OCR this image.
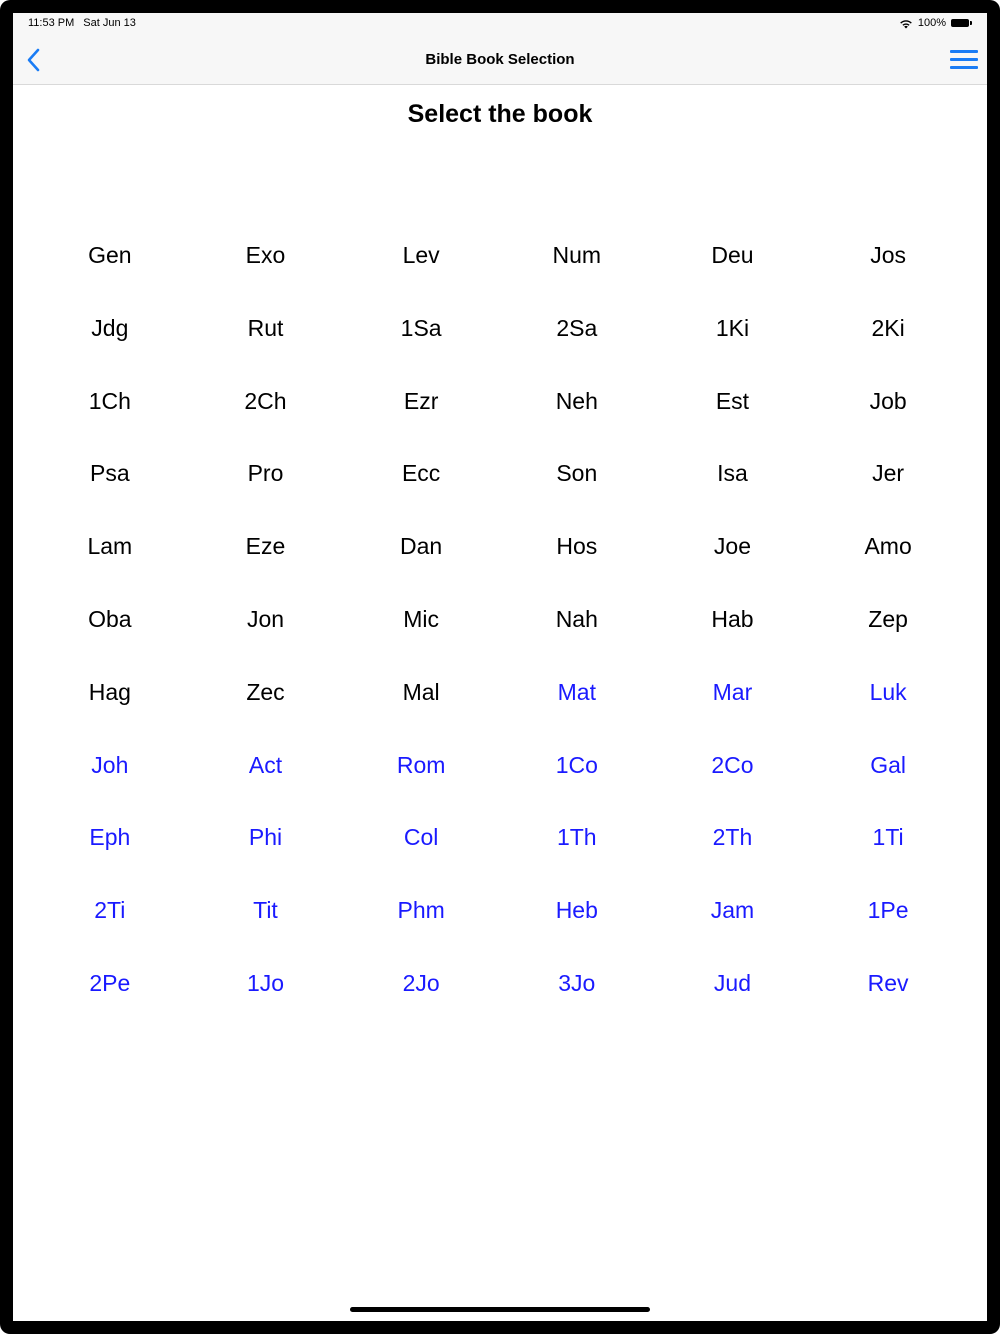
11:53 PM Sat Jun 13	100%
Bible Book Selection
Select the book
Gen	Exo	Lev	Num	Deu	Jos
Jdg	Rut	1Sa	2Sa	1Ki	2Ki
1Ch	2Ch	Ezr	Neh	Est	Job
Psa	Pro	Ecc	Son	Isa	Jer
Lam	Eze	Dan	Hos	Joe	Amo
Oba	Jon	Mic	Nah	Hab	Zep
Hag	Zec	Mal	Mat	Mar	Luk
Joh	Act	Rom	1Co	2Co	Gal
Eph	Phi	Col	1Th	2Th	1Ti
2Ti	Tit	Phm	Heb	Jam	1Pe
2Pe	1Jo	2Jo	3Jo	Jud	Rev
